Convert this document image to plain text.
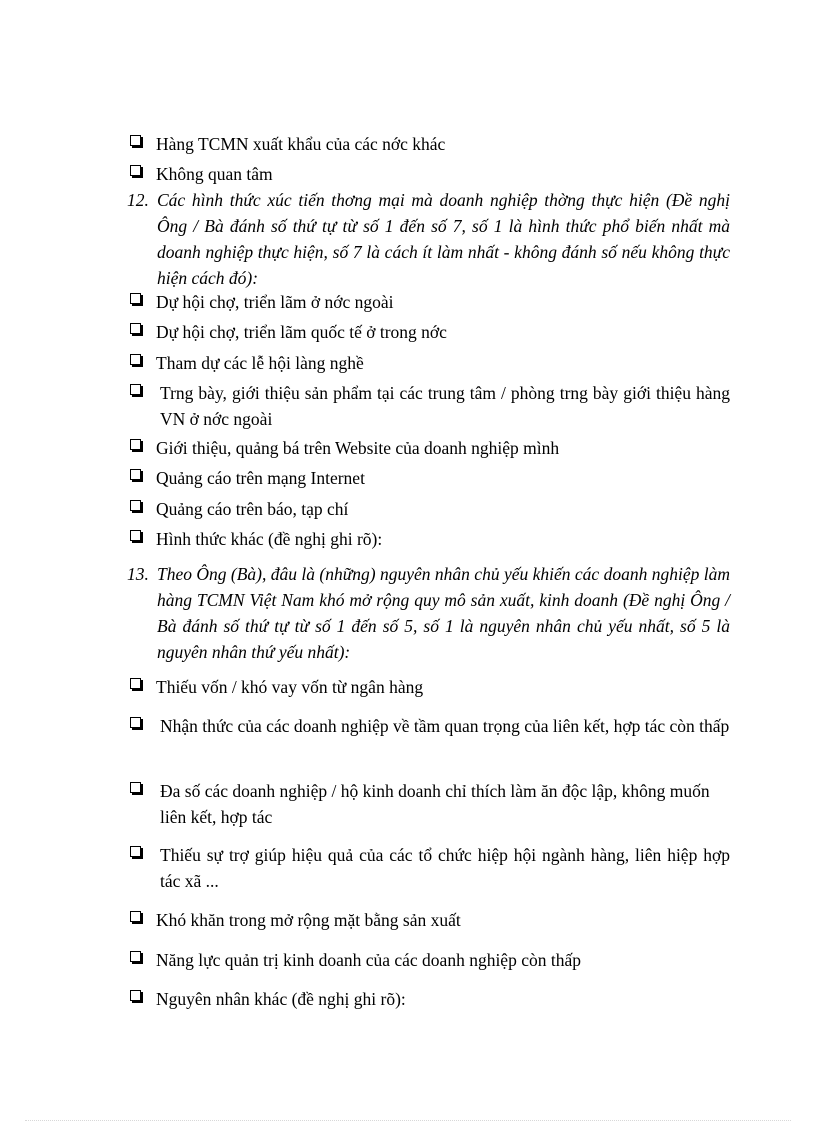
Hàng TCMN xuất khẩu của các nớc khác
Không quan tâm
12. Các hình thức xúc tiến thơng mại mà doanh nghiệp thờng thực hiện (Đề nghị Ông / Bà đánh số thứ tự từ số 1 đến số 7, số 1 là hình thức phổ biến nhất mà doanh nghiệp thực hiện, số 7 là cách ít làm nhất - không đánh số nếu không thực hiện cách đó):
Dự hội chợ, triển lãm ở nớc ngoài
Dự hội chợ, triển lãm quốc tế ở trong nớc
Tham dự các lễ hội làng nghề
Trng bày, giới thiệu sản phẩm tại các trung tâm / phòng trng bày giới thiệu hàng VN ở nớc ngoài
Giới thiệu, quảng bá trên Website của doanh nghiệp mình
Quảng cáo trên mạng Internet
Quảng cáo trên báo, tạp chí
Hình thức khác (đề nghị ghi rõ):
13. Theo Ông (Bà), đâu là (những) nguyên nhân chủ yếu khiến các doanh nghiệp làm hàng TCMN Việt Nam khó mở rộng quy mô sản xuất, kinh doanh (Đề nghị Ông / Bà đánh số thứ tự từ số 1 đến số 5, số 1 là nguyên nhân chủ yếu nhất, số 5 là nguyên nhân thứ yếu nhất):
Thiếu vốn / khó vay vốn từ ngân hàng
Nhận thức của các doanh nghiệp về tầm quan trọng của liên kết, hợp tác còn thấp
Đa số các doanh nghiệp / hộ kinh doanh chỉ thích làm ăn độc lập, không muốn liên kết, hợp tác
Thiếu sự trợ giúp hiệu quả của các tổ chức hiệp hội ngành hàng, liên hiệp hợp tác xã ...
Khó khăn trong mở rộng mặt bằng sản xuất
Năng lực quản trị kinh doanh của các doanh nghiệp còn thấp
Nguyên nhân khác (đề nghị ghi rõ):
